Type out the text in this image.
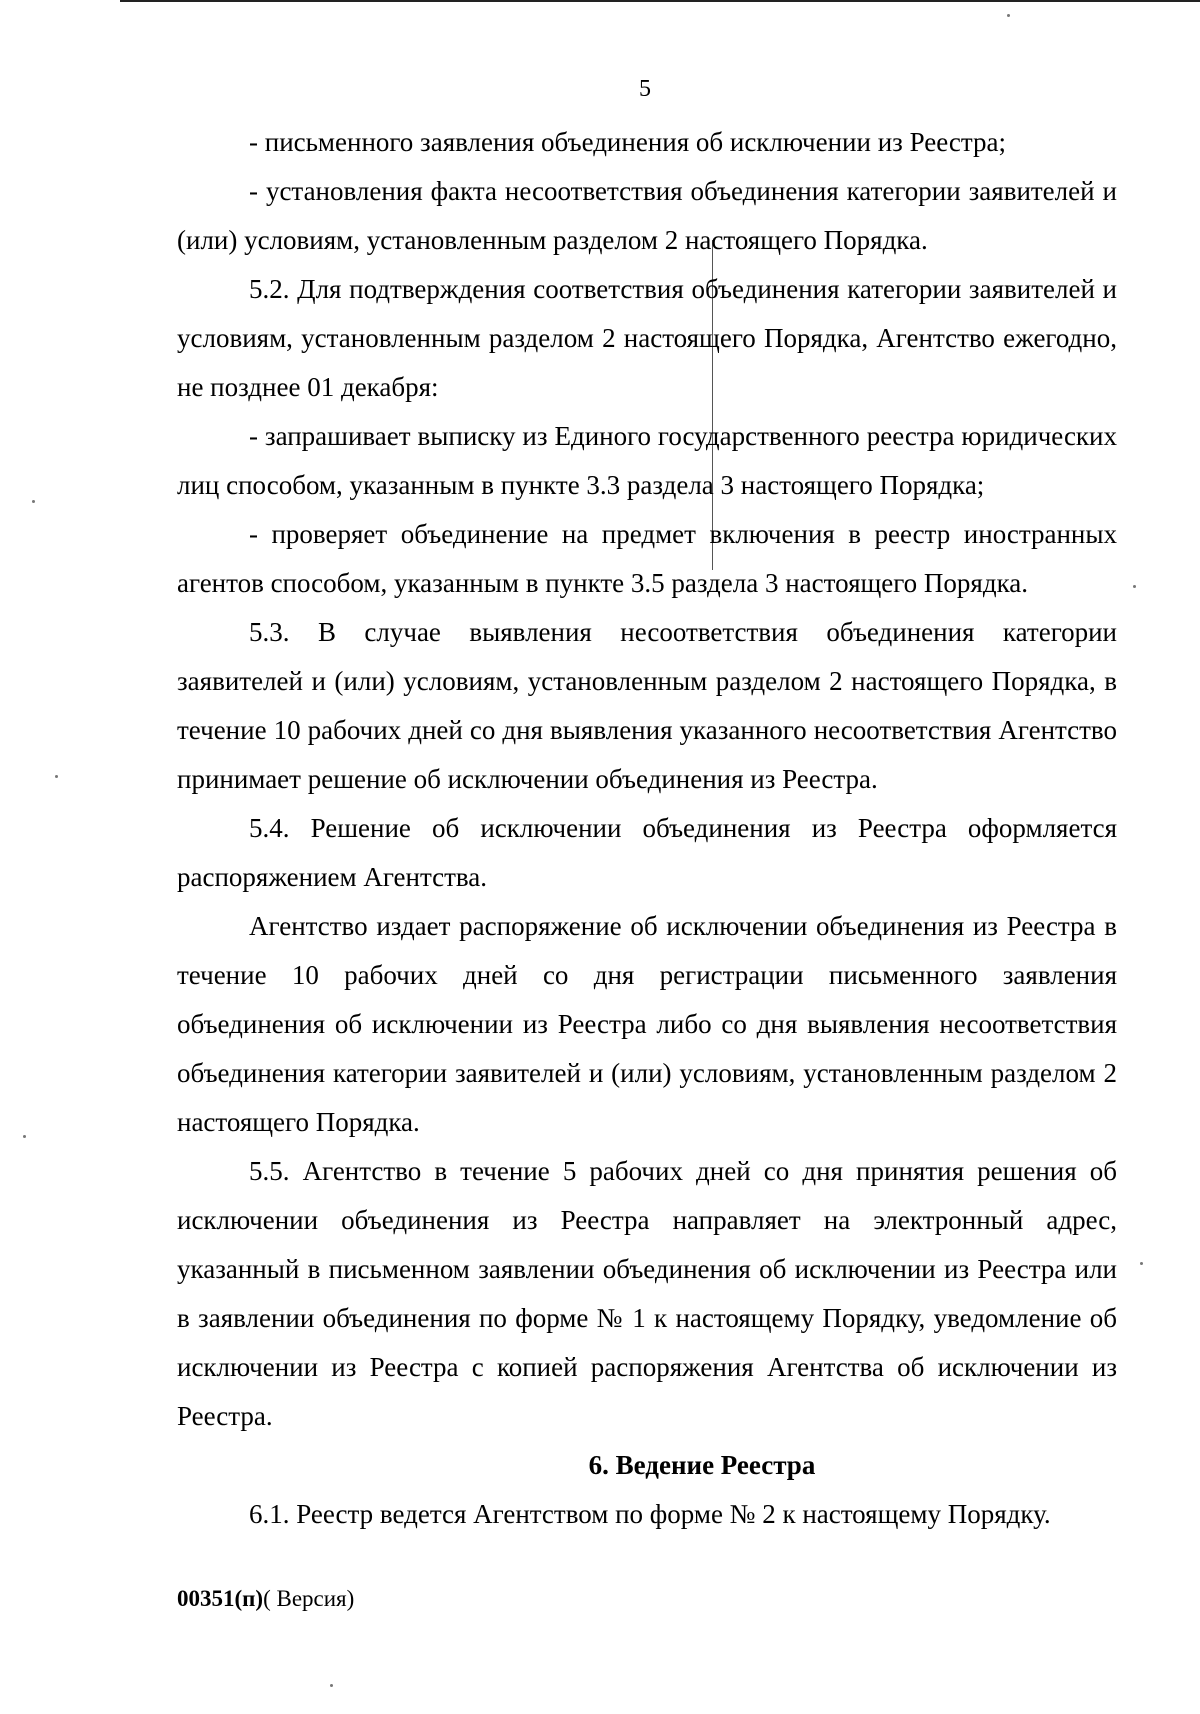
5

- письменного заявления объединения об исключении из Реестра;

- установления факта несоответствия объединения категории заявителей и (или) условиям, установленным разделом 2 настоящего Порядка.

5.2. Для подтверждения соответствия объединения категории заявителей и условиям, установленным разделом 2 настоящего Порядка, Агентство ежегодно, не позднее 01 декабря:

- запрашивает выписку из Единого государственного реестра юридических лиц способом, указанным в пункте 3.3 раздела 3 настоящего Порядка;

- проверяет объединение на предмет включения в реестр иностранных агентов способом, указанным в пункте 3.5 раздела 3 настоящего Порядка.

5.3. В случае выявления несоответствия объединения категории заявителей и (или) условиям, установленным разделом 2 настоящего Порядка, в течение 10 рабочих дней со дня выявления указанного несоответствия Агентство принимает решение об исключении объединения из Реестра.

5.4. Решение об исключении объединения из Реестра оформляется распоряжением Агентства.

Агентство издает распоряжение об исключении объединения из Реестра в течение 10 рабочих дней со дня регистрации письменного заявления объединения об исключении из Реестра либо со дня выявления несоответствия объединения категории заявителей и (или) условиям, установленным разделом 2 настоящего Порядка.

5.5. Агентство в течение 5 рабочих дней со дня принятия решения об исключении объединения из Реестра направляет на электронный адрес, указанный в письменном заявлении объединения об исключении из Реестра или в заявлении объединения по форме № 1 к настоящему Порядку, уведомление об исключении из Реестра с копией распоряжения Агентства об исключении из Реестра.

6. Ведение Реестра

6.1. Реестр ведется Агентством по форме № 2 к настоящему Порядку.

00351(п)( Версия)
